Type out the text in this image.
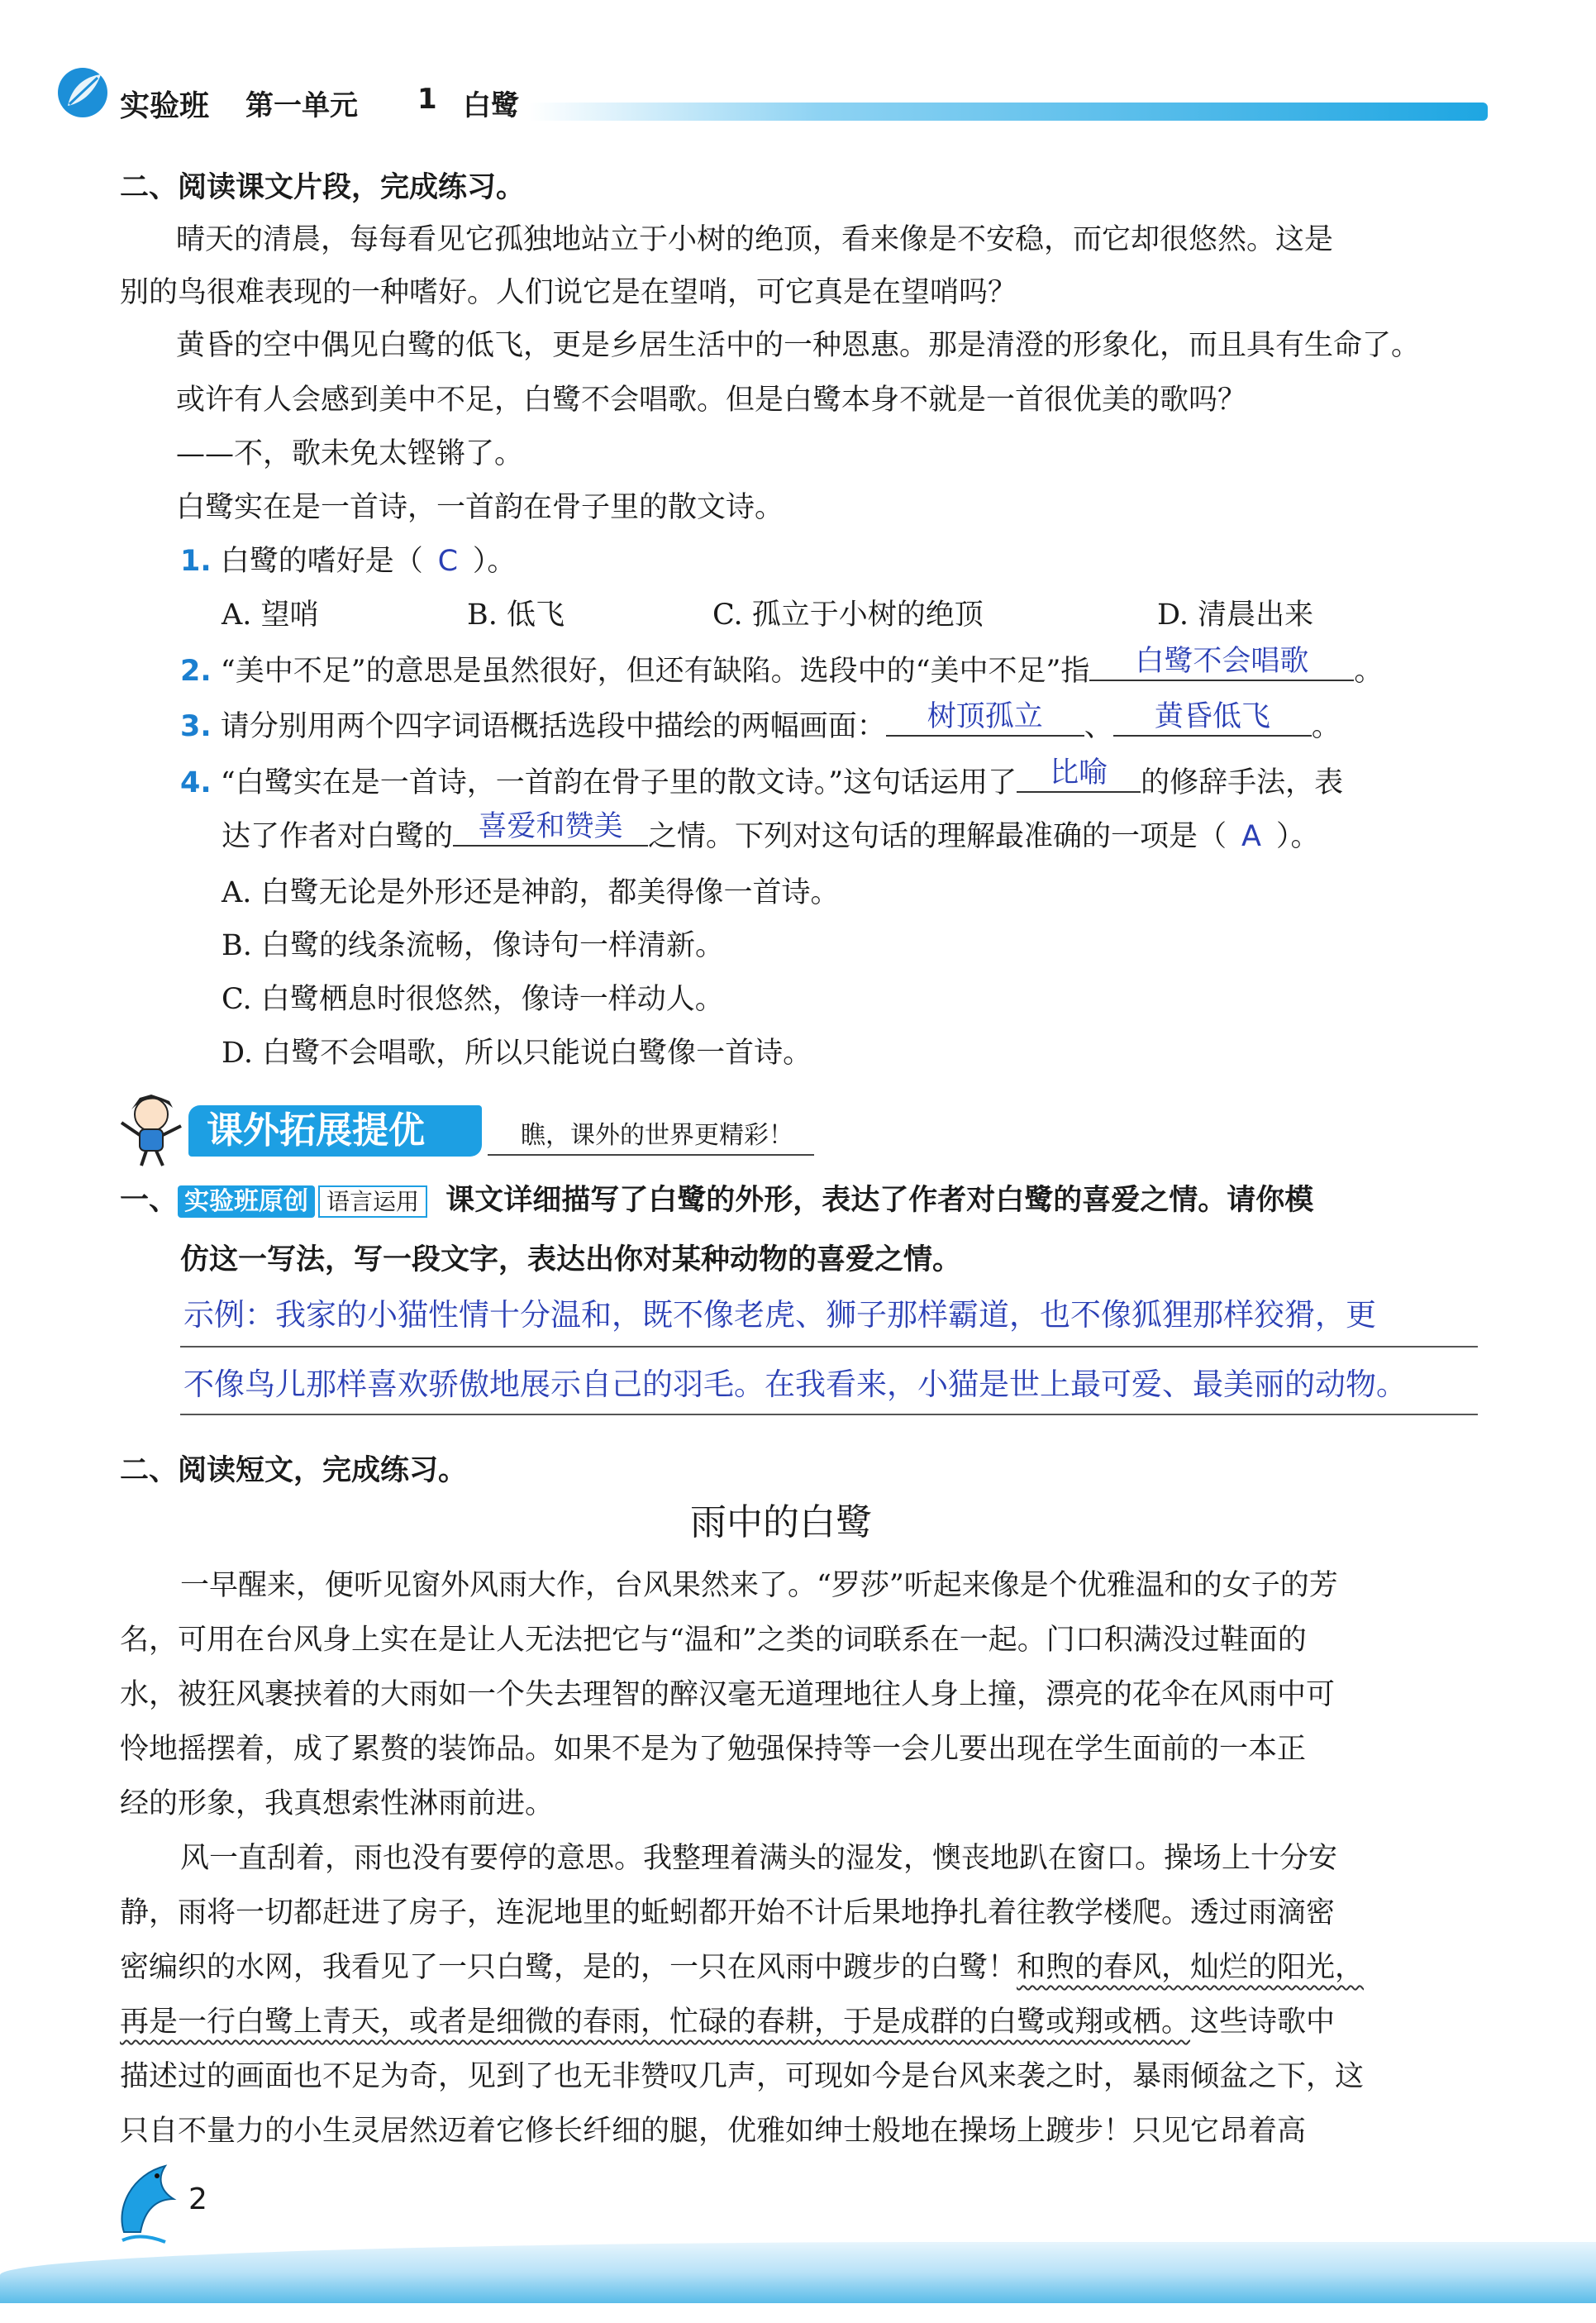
实验班 第一单元 1 白鹭
二、阅读课文片段，完成练习。
晴天的清晨，每每看见它孤独地站立于小树的绝顶，看来像是不安稳，而它却很悠然。这是
别的鸟很难表现的一种嗜好。人们说它是在望哨，可它真是在望哨吗？
黄昏的空中偶见白鹭的低飞，更是乡居生活中的一种恩惠。那是清澄的形象化，而且具有生命了。
或许有人会感到美中不足，白鹭不会唱歌。但是白鹭本身不就是一首很优美的歌吗？
——不，歌未免太铿锵了。
白鹭实在是一首诗，一首韵在骨子里的散文诗。
1. 白鹭的嗜好是（ C ）。
A. 望哨	B. 低飞	C. 孤立于小树的绝顶	D. 清晨出来
2. “美中不足”的意思是虽然很好，但还有缺陷。选段中的“美中不足”指 白鹭不会唱歌 。
3. 请分别用两个四字词语概括选段中描绘的两幅画面： 树顶孤立 、 黄昏低飞 。
4. “白鹭实在是一首诗，一首韵在骨子里的散文诗。”这句话运用了 比喻 的修辞手法，表
达了作者对白鹭的 喜爱和赞美 之情。下列对这句话的理解最准确的一项是（ A ）。
A. 白鹭无论是外形还是神韵，都美得像一首诗。
B. 白鹭的线条流畅，像诗句一样清新。
C. 白鹭栖息时很悠然，像诗一样动人。
D. 白鹭不会唱歌，所以只能说白鹭像一首诗。
课外拓展提优	瞧，课外的世界更精彩！
一、 实验班原创 语言运用 课文详细描写了白鹭的外形，表达了作者对白鹭的喜爱之情。请你模
仿这一写法，写一段文字，表达出你对某种动物的喜爱之情。
示例：我家的小猫性情十分温和，既不像老虎、狮子那样霸道，也不像狐狸那样狡猾，更
不像鸟儿那样喜欢骄傲地展示自己的羽毛。在我看来，小猫是世上最可爱、最美丽的动物。
二、阅读短文，完成练习。
雨中的白鹭
一早醒来，便听见窗外风雨大作，台风果然来了。“罗莎”听起来像是个优雅温和的女子的芳
名，可用在台风身上实在是让人无法把它与“温和”之类的词联系在一起。门口积满没过鞋面的
水，被狂风裹挟着的大雨如一个失去理智的醉汉毫无道理地往人身上撞，漂亮的花伞在风雨中可
怜地摇摆着，成了累赘的装饰品。如果不是为了勉强保持等一会儿要出现在学生面前的一本正
经的形象，我真想索性淋雨前进。
风一直刮着，雨也没有要停的意思。我整理着满头的湿发，懊丧地趴在窗口。操场上十分安
静，雨将一切都赶进了房子，连泥地里的蚯蚓都开始不计后果地挣扎着往教学楼爬。透过雨滴密
密编织的水网，我看见了一只白鹭，是的，一只在风雨中踱步的白鹭！和煦的春风，灿烂的阳光，
再是一行白鹭上青天，或者是细微的春雨，忙碌的春耕，于是成群的白鹭或翔或栖。这些诗歌中
描述过的画面也不足为奇，见到了也无非赞叹几声，可现如今是台风来袭之时，暴雨倾盆之下，这
只自不量力的小生灵居然迈着它修长纤细的腿，优雅如绅士般地在操场上踱步！只见它昂着高
2
